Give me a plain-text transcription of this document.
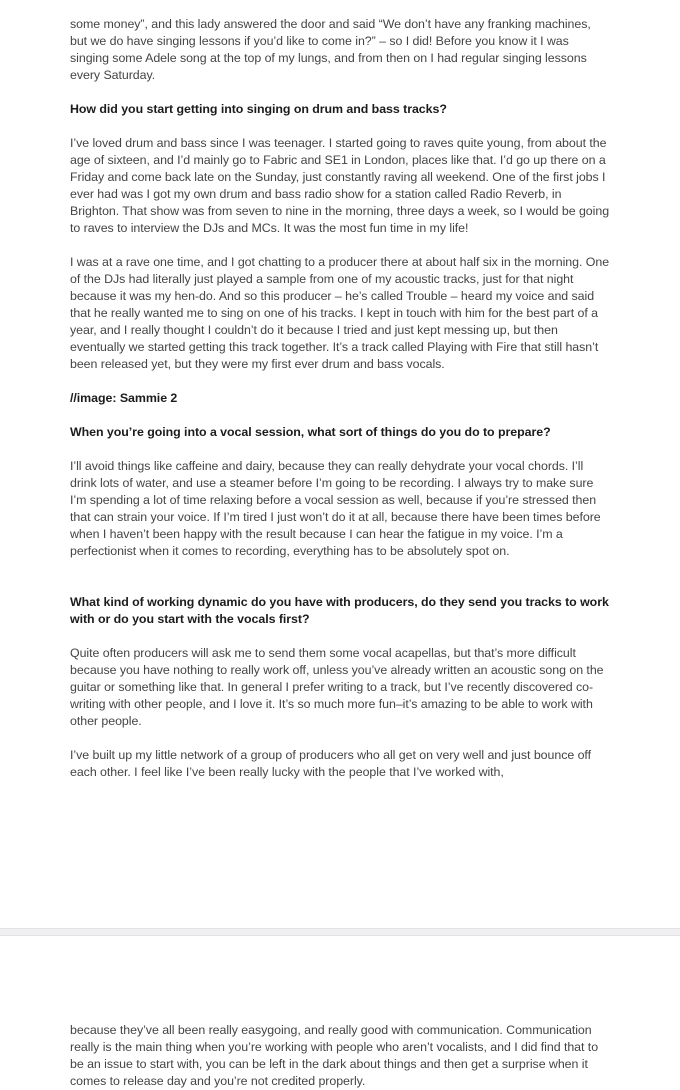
some money”, and this lady answered the door and said “We don’t have any franking machines, but we do have singing lessons if you’d like to come in?” – so I did! Before you know it I was singing some Adele song at the top of my lungs, and from then on I had regular singing lessons every Saturday.

How did you start getting into singing on drum and bass tracks?

I’ve loved drum and bass since I was teenager. I started going to raves quite young, from about the age of sixteen, and I’d mainly go to Fabric and SE1 in London, places like that. I’d go up there on a Friday and come back late on the Sunday, just constantly raving all weekend. One of the first jobs I ever had was I got my own drum and bass radio show for a station called Radio Reverb, in Brighton. That show was from seven to nine in the morning, three days a week, so I would be going to raves to interview the DJs and MCs. It was the most fun time in my life!

I was at a rave one time, and I got chatting to a producer there at about half six in the morning. One of the DJs had literally just played a sample from one of my acoustic tracks, just for that night because it was my hen-do. And so this producer – he’s called Trouble – heard my voice and said that he really wanted me to sing on one of his tracks. I kept in touch with him for the best part of a year, and I really thought I couldn’t do it because I tried and just kept messing up, but then eventually we started getting this track together. It’s a track called Playing with Fire that still hasn’t been released yet, but they were my first ever drum and bass vocals.

//image: Sammie 2
When you’re going into a vocal session, what sort of things do you do to prepare?

I’ll avoid things like caffeine and dairy, because they can really dehydrate your vocal chords. I’ll drink lots of water, and use a steamer before I’m going to be recording. I always try to make sure I’m spending a lot of time relaxing before a vocal session as well, because if you’re stressed then that can strain your voice. If I’m tired I just won’t do it at all, because there have been times before when I haven’t been happy with the result because I can hear the fatigue in my voice. I’m a perfectionist when it comes to recording, everything has to be absolutely spot on.

What kind of working dynamic do you have with producers, do they send you tracks to work with or do you start with the vocals first?

Quite often producers will ask me to send them some vocal acapellas, but that’s more difficult because you have nothing to really work off, unless you’ve already written an acoustic song on the guitar or something like that. In general I prefer writing to a track, but I’ve recently discovered co-writing with other people, and I love it. It’s so much more fun–it’s amazing to be able to work with other people.

I’ve built up my little network of a group of producers who all get on very well and just bounce off each other. I feel like I’ve been really lucky with the people that I’ve worked with,

because they’ve all been really easygoing, and really good with communication. Communication really is the main thing when you’re working with people who aren’t vocalists, and I did find that to be an issue to start with, you can be left in the dark about things and then get a surprise when it comes to release day and you’re not credited properly.
